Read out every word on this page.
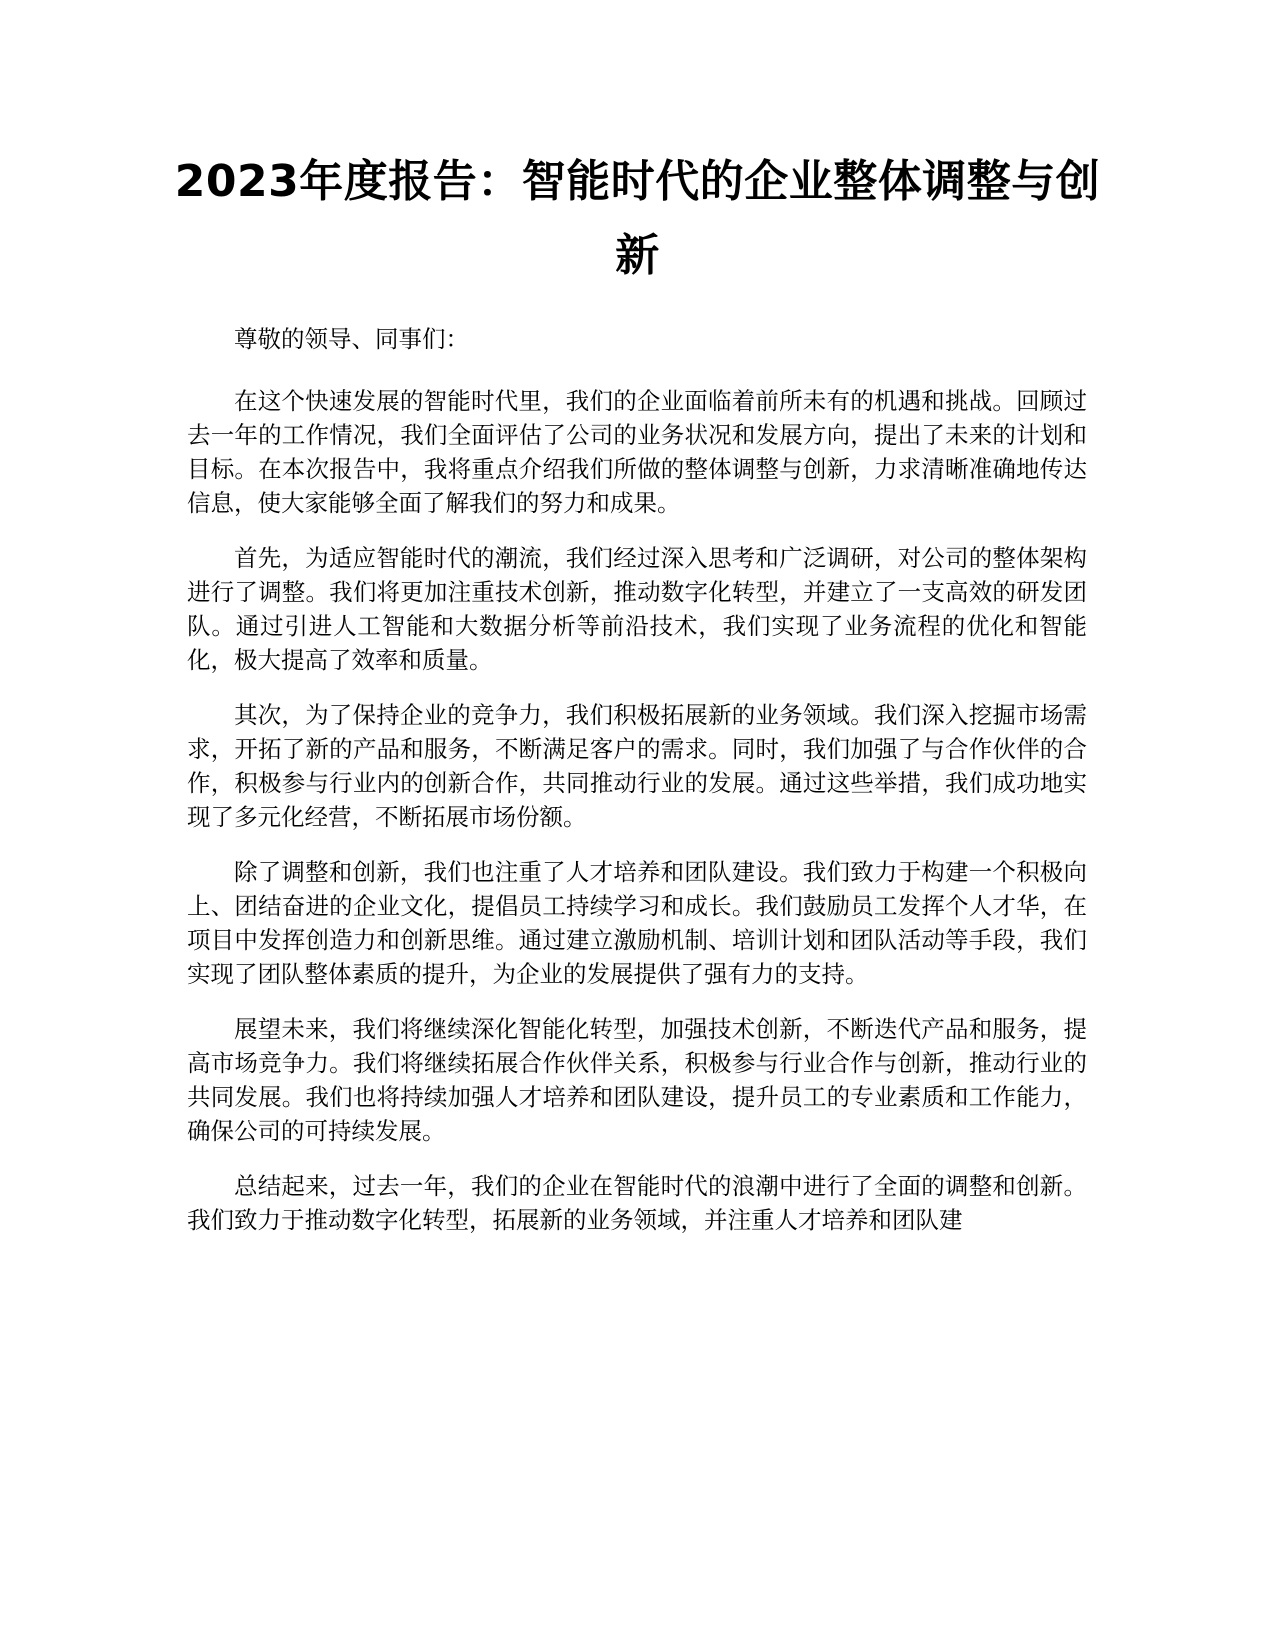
2023年度报告：智能时代的企业整体调整与创新

尊敬的领导、同事们：

在这个快速发展的智能时代里，我们的企业面临着前所未有的机遇和挑战。回顾过去一年的工作情况，我们全面评估了公司的业务状况和发展方向，提出了未来的计划和目标。在本次报告中，我将重点介绍我们所做的整体调整与创新，力求清晰准确地传达信息，使大家能够全面了解我们的努力和成果。

首先，为适应智能时代的潮流，我们经过深入思考和广泛调研，对公司的整体架构进行了调整。我们将更加注重技术创新，推动数字化转型，并建立了一支高效的研发团队。通过引进人工智能和大数据分析等前沿技术，我们实现了业务流程的优化和智能化，极大提高了效率和质量。

其次，为了保持企业的竞争力，我们积极拓展新的业务领域。我们深入挖掘市场需求，开拓了新的产品和服务，不断满足客户的需求。同时，我们加强了与合作伙伴的合作，积极参与行业内的创新合作，共同推动行业的发展。通过这些举措，我们成功地实现了多元化经营，不断拓展市场份额。

除了调整和创新，我们也注重了人才培养和团队建设。我们致力于构建一个积极向上、团结奋进的企业文化，提倡员工持续学习和成长。我们鼓励员工发挥个人才华，在项目中发挥创造力和创新思维。通过建立激励机制、培训计划和团队活动等手段，我们实现了团队整体素质的提升，为企业的发展提供了强有力的支持。

展望未来，我们将继续深化智能化转型，加强技术创新，不断迭代产品和服务，提高市场竞争力。我们将继续拓展合作伙伴关系，积极参与行业合作与创新，推动行业的共同发展。我们也将持续加强人才培养和团队建设，提升员工的专业素质和工作能力，确保公司的可持续发展。

总结起来，过去一年，我们的企业在智能时代的浪潮中进行了全面的调整和创新。我们致力于推动数字化转型，拓展新的业务领域，并注重人才培养和团队建
